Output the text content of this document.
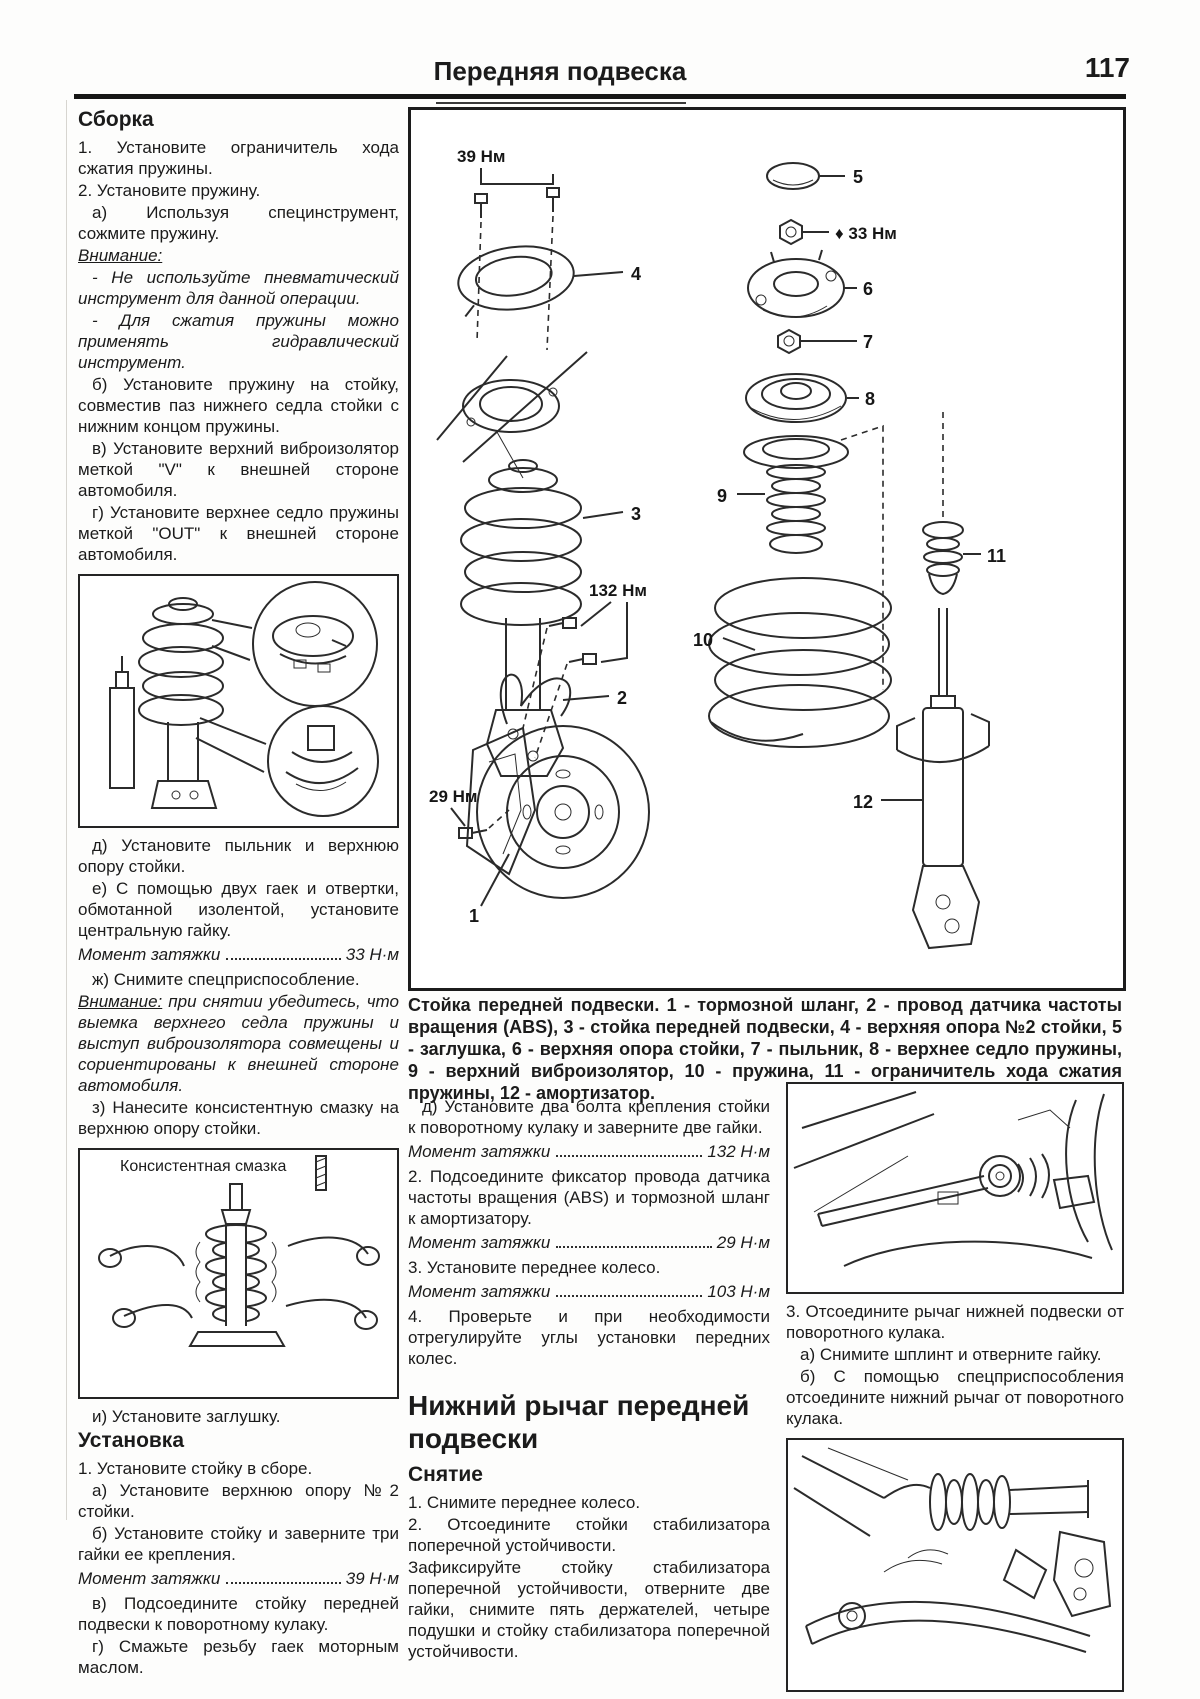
Передняя подвеска	117
Сборка

1. Установите ограничитель хода сжатия пружины.

2. Установите пружину.

а) Используя специнструмент, сожмите пружину.

Внимание:

- Не используйте пневматический инструмент для данной операции.

- Для сжатия пружины можно применять гидравлический инструмент.

б) Установите пружину на стойку, совместив паз нижнего седла стойки с нижним концом пружины.

в) Установите верхний виброизолятор меткой "V" к внешней стороне автомобиля.

г) Установите верхнее седло пружины меткой "OUT" к внешней стороне автомобиля.

д) Установите пыльник и верхнюю опору стойки.

е) С помощью двух гаек и отвертки, обмотанной изолентой, установите центральную гайку.

Момент затяжки	33 Н·м

ж) Снимите спецприспособление.

Внимание: при снятии убедитесь, что выемка верхнего седла пружины и выступ виброизолятора совмещены и сориентированы к внешней стороне автомобиля.

з) Нанесите консистентную смазку на верхнюю опору стойки.

Консистентная смазка

и) Установите заглушку.

Установка

1. Установите стойку в сборе.

а) Установите верхнюю опору №2 стойки.

б) Установите стойку и заверните три гайки ее крепления.

Момент затяжки	39 Н·м

в) Подсоедините стойку передней подвески к поворотному кулаку.

г) Смажьте резьбу гаек моторным маслом.

39 Нм
4
3
132 Нм
2
29 Нм
1
5
♦ 33 Нм
6
7
8
9
10
11
12
Стойка передней подвески. 1 - тормозной шланг, 2 - провод датчика частоты вращения (ABS), 3 - стойка передней подвески, 4 - верхняя опора №2 стойки, 5 - заглушка, 6 - верхняя опора стойки, 7 - пыльник, 8 - верхнее седло пружины, 9 - верхний виброизолятор, 10 - пружина, 11 - ограничитель хода сжатия пружины, 12 - амортизатор.

д) Установите два болта крепления стойки к поворотному кулаку и заверните две гайки.

Момент затяжки	132 Н·м

2. Подсоедините фиксатор провода датчика частоты вращения (ABS) и тормозной шланг к амортизатору.

Момент затяжки	29 Н·м

3. Установите переднее колесо.

Момент затяжки	103 Н·м

4. Проверьте и при необходимости отрегулируйте углы установки передних колес.

Нижний рычаг передней подвески
Снятие

1. Снимите переднее колесо.

2. Отсоедините стойки стабилизатора поперечной устойчивости.

Зафиксируйте стойку стабилизатора поперечной устойчивости, отверните две гайки, снимите пять держателей, четыре подушки и стойку стабилизатора поперечной устойчивости.

3. Отсоедините рычаг нижней подвески от поворотного кулака.

а) Снимите шплинт и отверните гайку.

б) С помощью спецприспособления отсоедините нижний рычаг от поворотного кулака.
